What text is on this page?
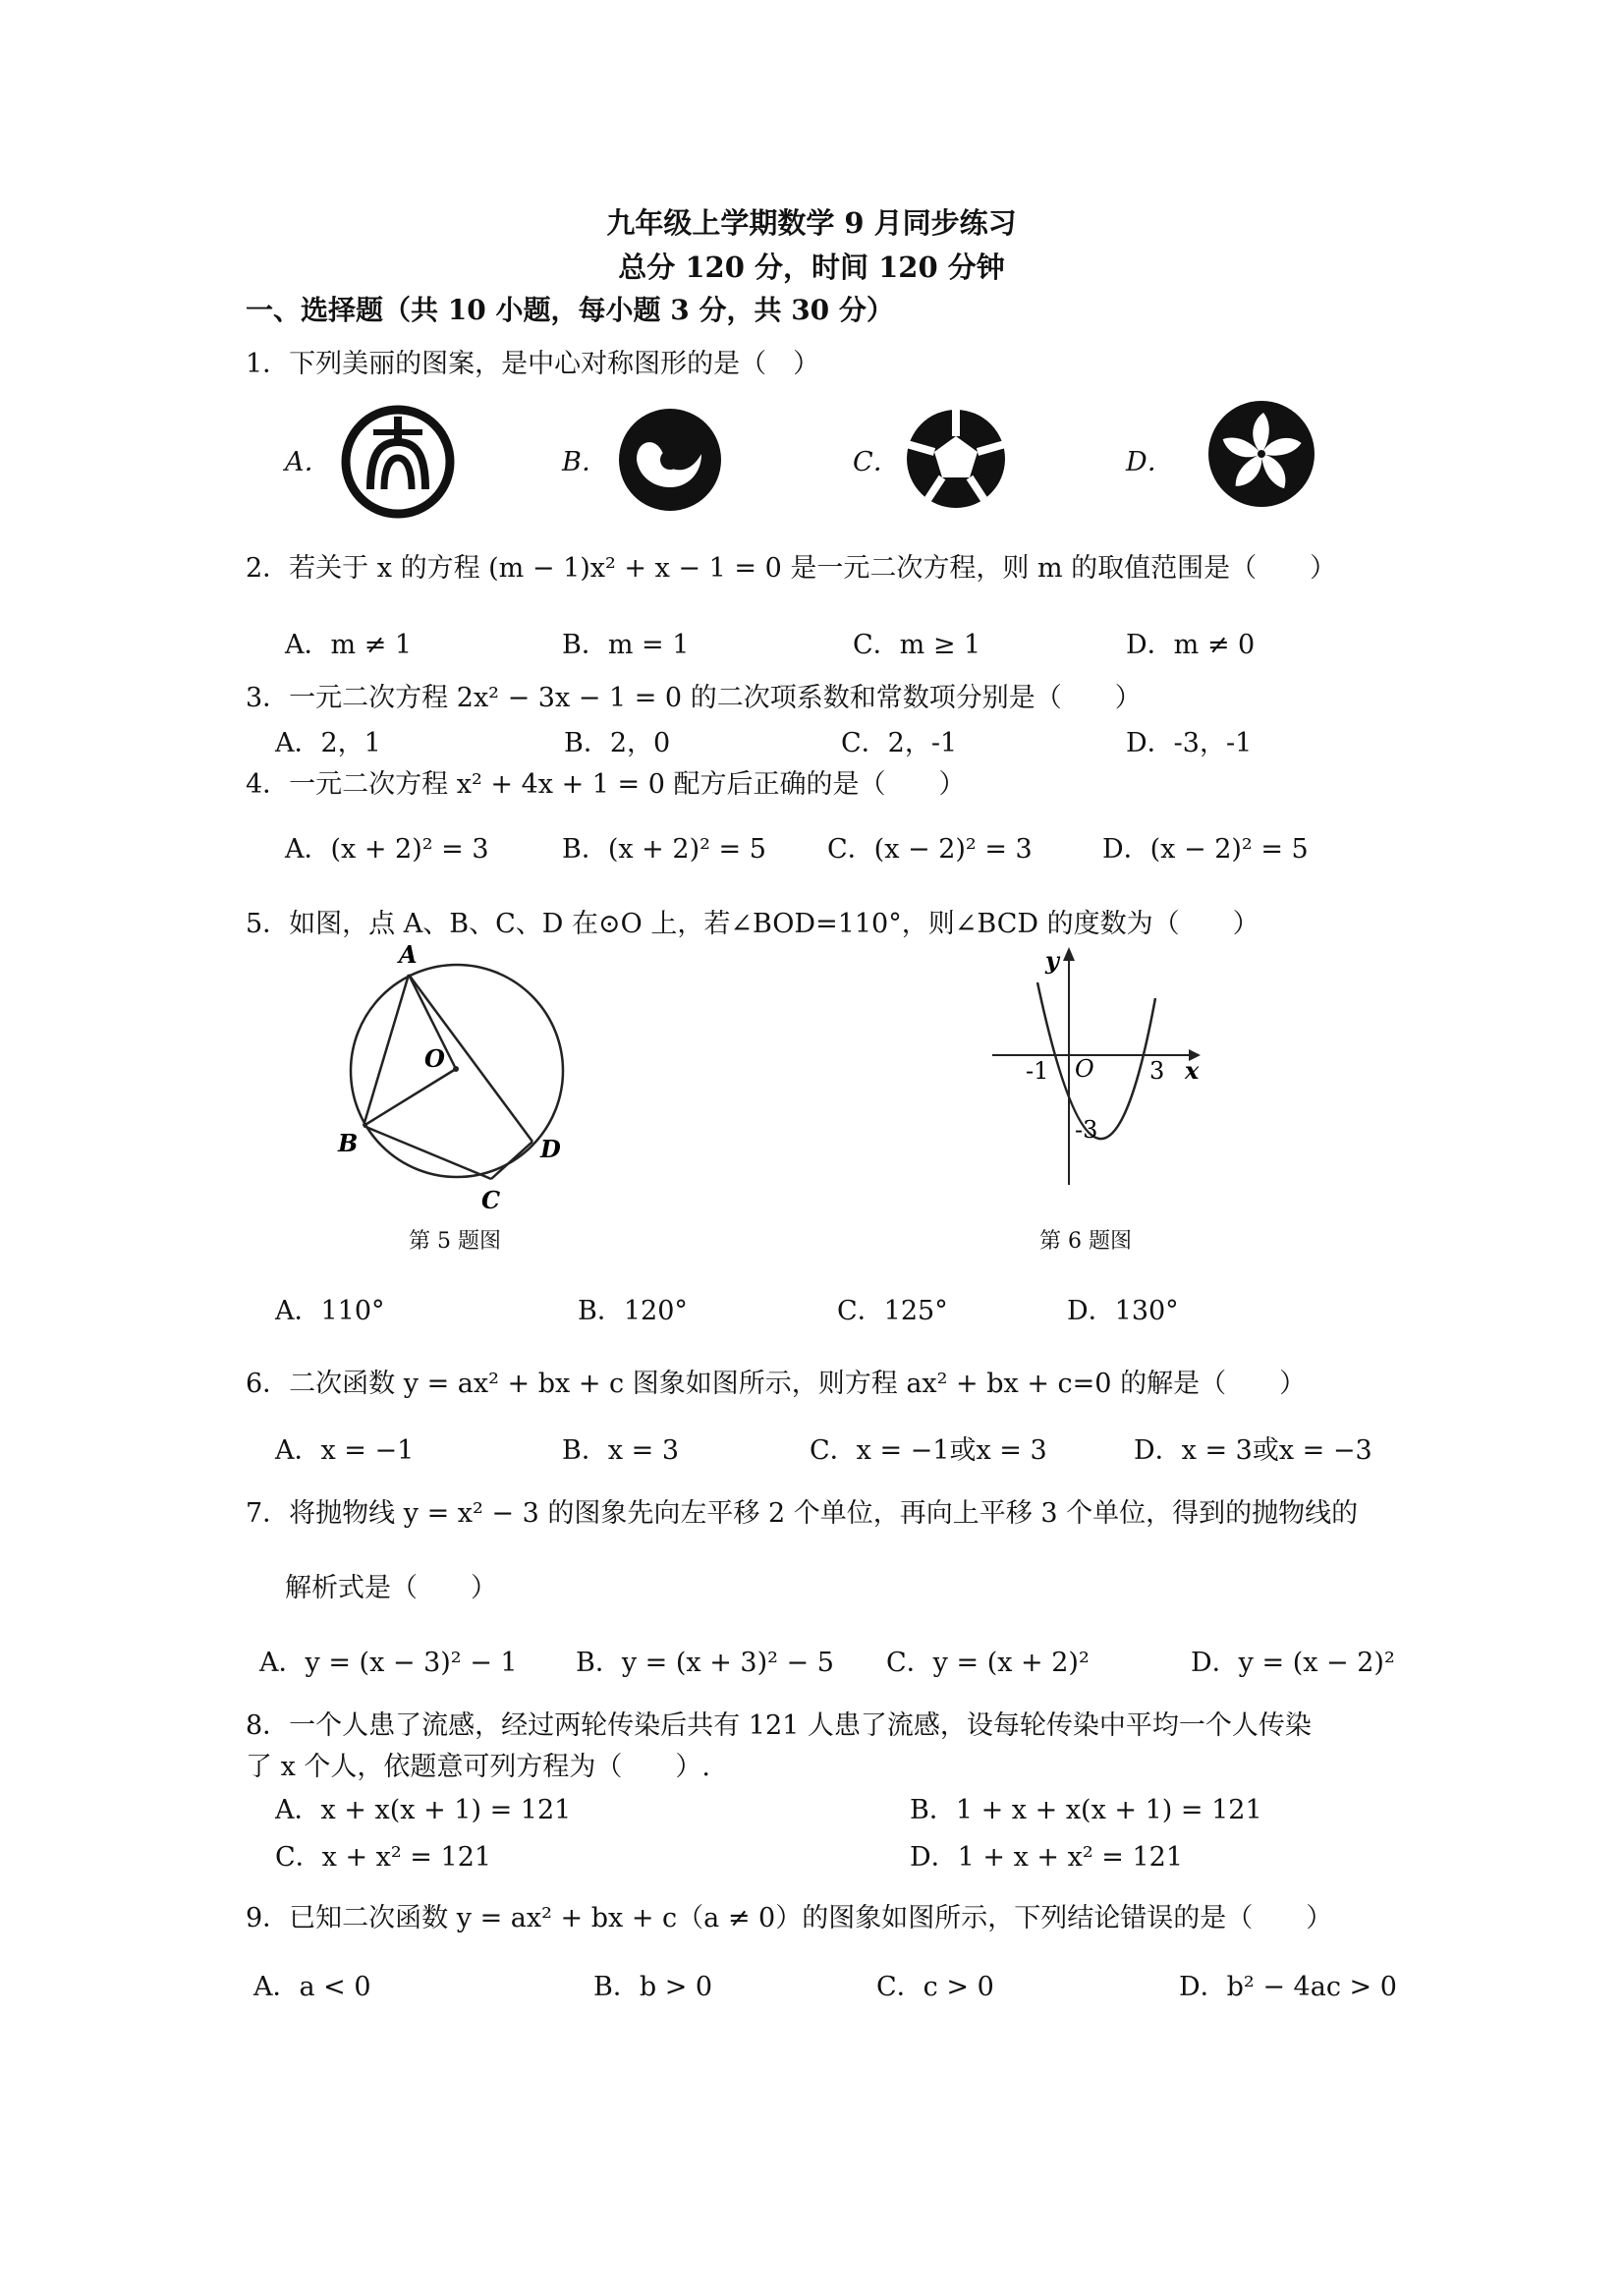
九年级上学期数学 9 月同步练习
总分 120 分，时间 120 分钟
一、选择题（共 10 小题，每小题 3 分，共 30 分）
1．下列美丽的图案，是中心对称图形的是（　）
A．	B．	C．	D．
2．若关于 x 的方程 (m − 1)x² + x − 1 = 0 是一元二次方程，则 m 的取值范围是（　　）
A．m ≠ 1	B．m = 1	C．m ≥ 1	D．m ≠ 0
3．一元二次方程 2x² − 3x − 1 = 0 的二次项系数和常数项分别是（　　）
A．2，1	B．2，0	C．2，-1	D．-3，-1
4．一元二次方程 x² + 4x + 1 = 0 配方后正确的是（　　）
A．(x + 2)² = 3	B．(x + 2)² = 5 C．(x − 2)² = 3	D．(x − 2)² = 5
5．如图，点 A、B、C、D 在⊙O 上，若∠BOD=110°，则∠BCD 的度数为（　　）
A
B
C
D
O
y
x
O
-1	3
-3
第 5 题图	第 6 题图
A．110°	B．120°	C．125°	D．130°
6．二次函数 y = ax² + bx + c 图象如图所示，则方程 ax² + bx + c=0 的解是（　　）
A．x = −1	B．x = 3	C．x = −1或x = 3	D．x = 3或x = −3
7．将抛物线 y = x² − 3 的图象先向左平移 2 个单位，再向上平移 3 个单位，得到的抛物线的
解析式是（　　）
A．y = (x − 3)² − 1 B．y = (x + 3)² − 5 C．y = (x + 2)²	D．y = (x − 2)²
8．一个人患了流感，经过两轮传染后共有 121 人患了流感，设每轮传染中平均一个人传染
了 x 个人，依题意可列方程为（　　）.
A．x + x(x + 1) = 121	B．1 + x + x(x + 1) = 121
C．x + x² = 121	D．1 + x + x² = 121
9．已知二次函数 y = ax² + bx + c（a ≠ 0）的图象如图所示，下列结论错误的是（　　）
A．a < 0	B．b > 0	C．c > 0	D．b² − 4ac > 0
